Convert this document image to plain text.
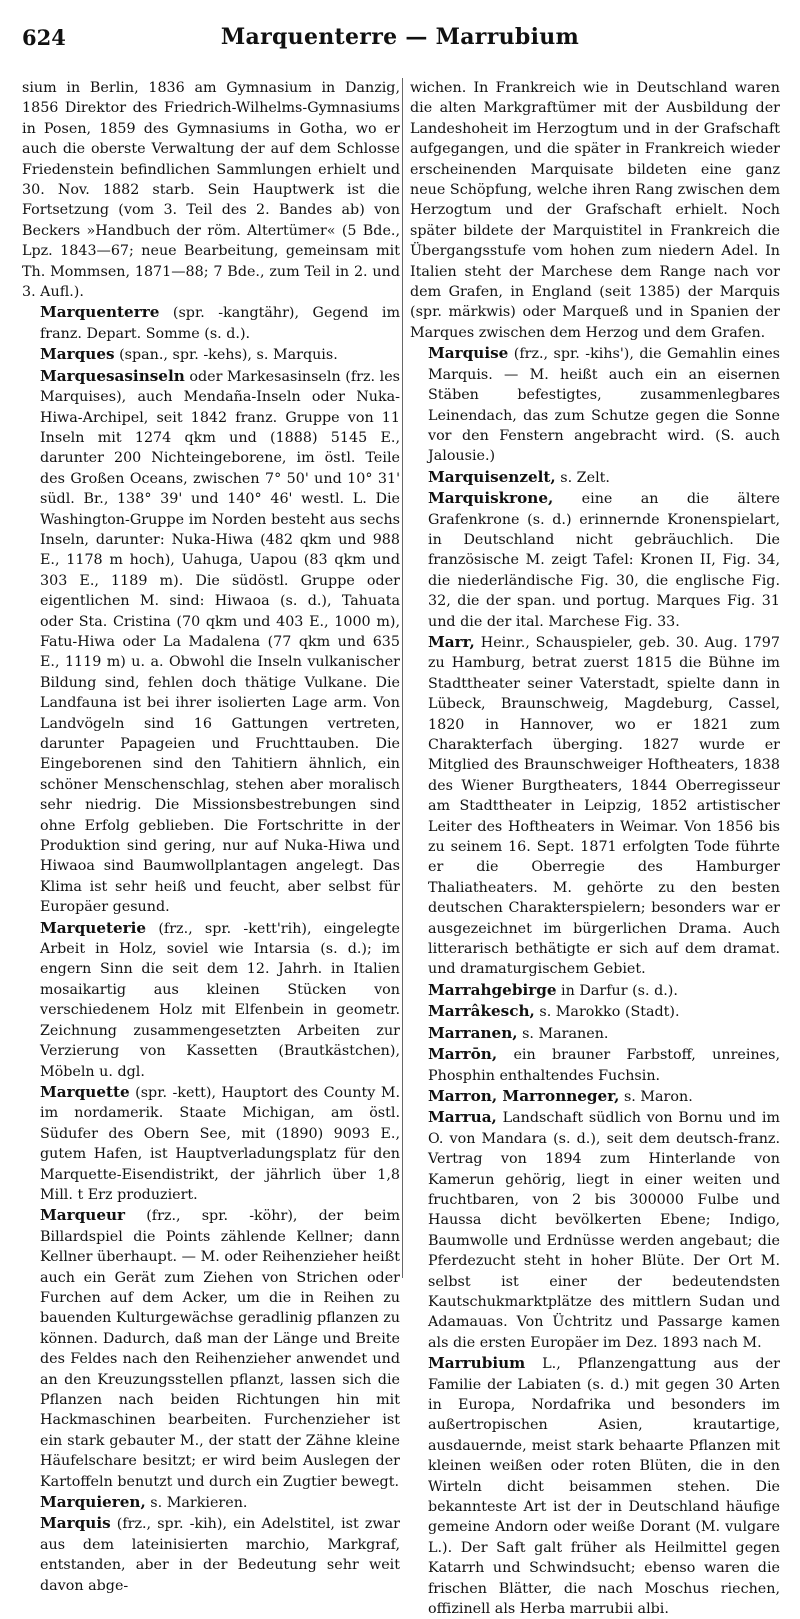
624	Marquenterre — Marrubium

sium in Berlin, 1836 am Gymnasium in Danzig, 1856 Direktor des Friedrich-Wilhelms-Gymnasiums in Posen, 1859 des Gymnasiums in Gotha, wo er auch die oberste Verwaltung der auf dem Schlosse Friedenstein befindlichen Sammlungen erhielt und 30. Nov. 1882 starb. Sein Hauptwerk ist die Fortsetzung (vom 3. Teil des 2. Bandes ab) von Beckers »Handbuch der röm. Altertümer« (5 Bde., Lpz. 1843—67; neue Bearbeitung, gemeinsam mit Th. Mommsen, 1871—88; 7 Bde., zum Teil in 2. und 3. Aufl.).

Marquenterre (spr. -kangtähr), Gegend im franz. Depart. Somme (s. d.).

Marques (span., spr. -kehs), s. Marquis.

Marquesasinseln oder Markesasinseln (frz. les Marquises), auch Mendaña-Inseln oder Nuka-Hiwa-Archipel, seit 1842 franz. Gruppe von 11 Inseln mit 1274 qkm und (1888) 5145 E., darunter 200 Nichteingeborene, im östl. Teile des Großen Oceans, zwischen 7° 50' und 10° 31' südl. Br., 138° 39' und 140° 46' westl. L. Die Washington-Gruppe im Norden besteht aus sechs Inseln, darunter: Nuka-Hiwa (482 qkm und 988 E., 1178 m hoch), Uahuga, Uapou (83 qkm und 303 E., 1189 m). Die südöstl. Gruppe oder eigentlichen M. sind: Hiwaoa (s. d.), Tahuata oder Sta. Cristina (70 qkm und 403 E., 1000 m), Fatu-Hiwa oder La Madalena (77 qkm und 635 E., 1119 m) u. a. Obwohl die Inseln vulkanischer Bildung sind, fehlen doch thätige Vulkane. Die Landfauna ist bei ihrer isolierten Lage arm. Von Landvögeln sind 16 Gattungen vertreten, darunter Papageien und Fruchttauben. Die Eingeborenen sind den Tahitiern ähnlich, ein schöner Menschenschlag, stehen aber moralisch sehr niedrig. Die Missionsbestrebungen sind ohne Erfolg geblieben. Die Fortschritte in der Produktion sind gering, nur auf Nuka-Hiwa und Hiwaoa sind Baumwollplantagen angelegt. Das Klima ist sehr heiß und feucht, aber selbst für Europäer gesund.

Marqueterie (frz., spr. -kett'rih), eingelegte Arbeit in Holz, soviel wie Intarsia (s. d.); im engern Sinn die seit dem 12. Jahrh. in Italien mosaikartig aus kleinen Stücken von verschiedenem Holz mit Elfenbein in geometr. Zeichnung zusammengesetzten Arbeiten zur Verzierung von Kassetten (Brautkästchen), Möbeln u. dgl.

Marquette (spr. -kett), Hauptort des County M. im nordamerik. Staate Michigan, am östl. Südufer des Obern See, mit (1890) 9093 E., gutem Hafen, ist Hauptverladungsplatz für den Marquette-Eisendistrikt, der jährlich über 1,8 Mill. t Erz produziert.

Marqueur (frz., spr. -köhr), der beim Billardspiel die Points zählende Kellner; dann Kellner überhaupt. — M. oder Reihenzieher heißt auch ein Gerät zum Ziehen von Strichen oder Furchen auf dem Acker, um die in Reihen zu bauenden Kulturgewächse geradlinig pflanzen zu können. Dadurch, daß man der Länge und Breite des Feldes nach den Reihenzieher anwendet und an den Kreuzungsstellen pflanzt, lassen sich die Pflanzen nach beiden Richtungen hin mit Hackmaschinen bearbeiten. Furchenzieher ist ein stark gebauter M., der statt der Zähne kleine Häufelschare besitzt; er wird beim Auslegen der Kartoffeln benutzt und durch ein Zugtier bewegt.

Marquieren, s. Markieren.

Marquis (frz., spr. -kih), ein Adelstitel, ist zwar aus dem lateinisierten marchio, Markgraf, entstanden, aber in der Bedeutung sehr weit davon abge-

wichen. In Frankreich wie in Deutschland waren die alten Markgraftümer mit der Ausbildung der Landeshoheit im Herzogtum und in der Grafschaft aufgegangen, und die später in Frankreich wieder erscheinenden Marquisate bildeten eine ganz neue Schöpfung, welche ihren Rang zwischen dem Herzogtum und der Grafschaft erhielt. Noch später bildete der Marquistitel in Frankreich die Übergangsstufe vom hohen zum niedern Adel. In Italien steht der Marchese dem Range nach vor dem Grafen, in England (seit 1385) der Marquis (spr. märkwis) oder Marqueß und in Spanien der Marques zwischen dem Herzog und dem Grafen.

Marquise (frz., spr. -kihs'), die Gemahlin eines Marquis. — M. heißt auch ein an eisernen Stäben befestigtes, zusammenlegbares Leinendach, das zum Schutze gegen die Sonne vor den Fenstern angebracht wird. (S. auch Jalousie.)

Marquisenzelt, s. Zelt.

Marquiskrone, eine an die ältere Grafenkrone (s. d.) erinnernde Kronenspielart, in Deutschland nicht gebräuchlich. Die französische M. zeigt Tafel: Kronen II, Fig. 34, die niederländische Fig. 30, die englische Fig. 32, die der span. und portug. Marques Fig. 31 und die der ital. Marchese Fig. 33.

Marr, Heinr., Schauspieler, geb. 30. Aug. 1797 zu Hamburg, betrat zuerst 1815 die Bühne im Stadttheater seiner Vaterstadt, spielte dann in Lübeck, Braunschweig, Magdeburg, Cassel, 1820 in Hannover, wo er 1821 zum Charakterfach überging. 1827 wurde er Mitglied des Braunschweiger Hoftheaters, 1838 des Wiener Burgtheaters, 1844 Oberregisseur am Stadttheater in Leipzig, 1852 artistischer Leiter des Hoftheaters in Weimar. Von 1856 bis zu seinem 16. Sept. 1871 erfolgten Tode führte er die Oberregie des Hamburger Thaliatheaters. M. gehörte zu den besten deutschen Charakterspielern; besonders war er ausgezeichnet im bürgerlichen Drama. Auch litterarisch bethätigte er sich auf dem dramat. und dramaturgischem Gebiet.

Marrahgebirge in Darfur (s. d.).

Marrâkesch, s. Marokko (Stadt).

Marranen, s. Maranen.

Marrōn, ein brauner Farbstoff, unreines, Phosphin enthaltendes Fuchsin.

Marron, Marronneger, s. Maron.

Marrua, Landschaft südlich von Bornu und im O. von Mandara (s. d.), seit dem deutsch-franz. Vertrag von 1894 zum Hinterlande von Kamerun gehörig, liegt in einer weiten und fruchtbaren, von 2 bis 300000 Fulbe und Haussa dicht bevölkerten Ebene; Indigo, Baumwolle und Erdnüsse werden angebaut; die Pferdezucht steht in hoher Blüte. Der Ort M. selbst ist einer der bedeutendsten Kautschukmarktplätze des mittlern Sudan und Adamauas. Von Üchtritz und Passarge kamen als die ersten Europäer im Dez. 1893 nach M.

Marrubium L., Pflanzengattung aus der Familie der Labiaten (s. d.) mit gegen 30 Arten in Europa, Nordafrika und besonders im außertropischen Asien, krautartige, ausdauernde, meist stark behaarte Pflanzen mit kleinen weißen oder roten Blüten, die in den Wirteln dicht beisammen stehen. Die bekannteste Art ist der in Deutschland häufige gemeine Andorn oder weiße Dorant (M. vulgare L.). Der Saft galt früher als Heilmittel gegen Katarrh und Schwindsucht; ebenso waren die frischen Blätter, die nach Moschus riechen, offizinell als Herba marrubii albi.
